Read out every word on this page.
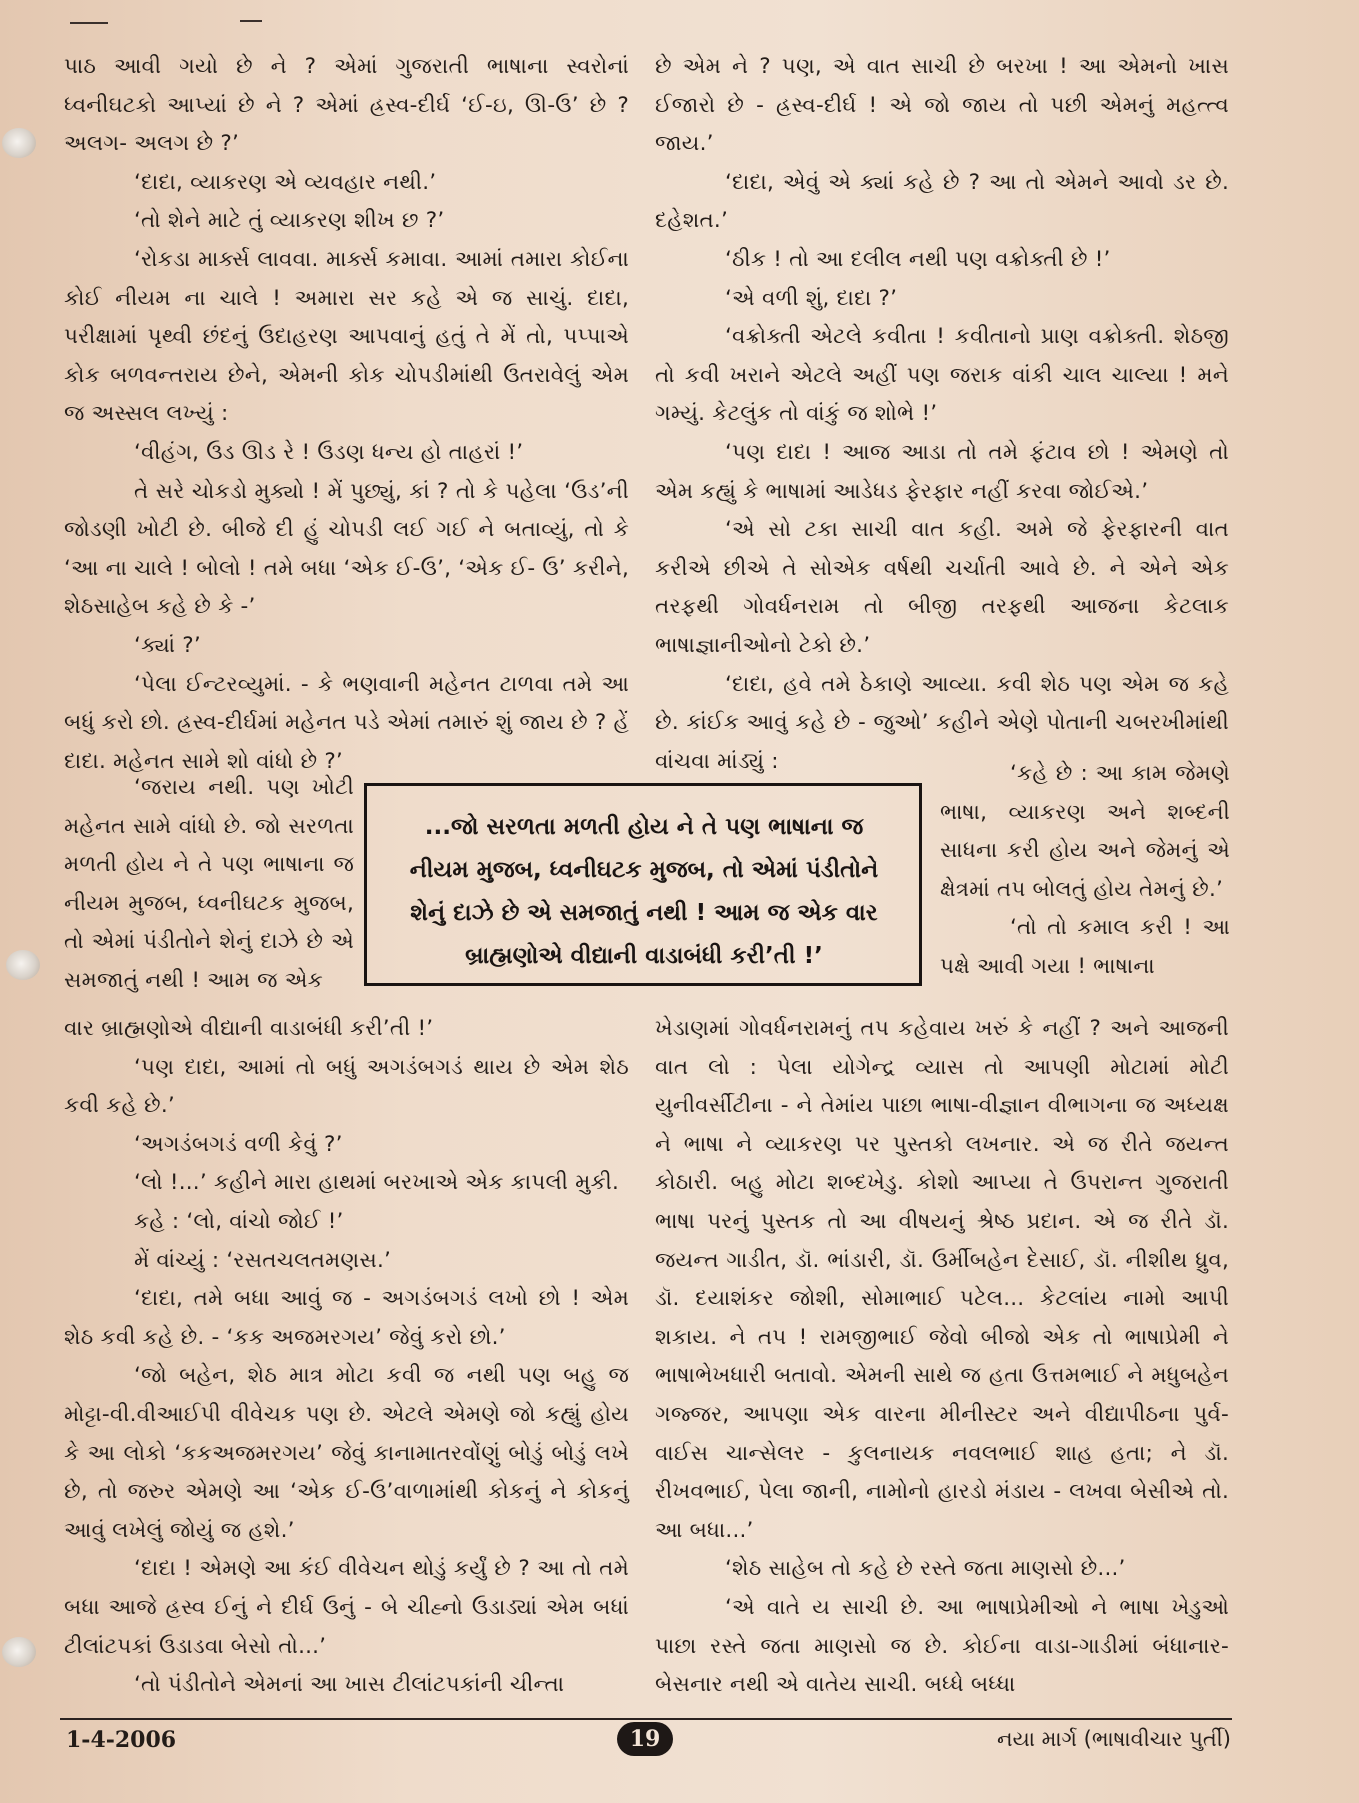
પાઠ આવી ગયો છે ને ? એમાં ગુજરાતી ભાષાના સ્વરોનાં ધ્વનીઘટકો આપ્યાં છે ને ? એમાં હ્રસ્વ-દીર્ઘ ‘ઈ-ઇ, ઊ-ઉ’ છે ? અલગ- અલગ છે ?’

‘દાદા, વ્યાકરણ એ વ્યવહાર નથી.’

‘તો શેને માટે તું વ્યાકરણ શીખ છ ?’

‘રોકડા માર્ક્સ લાવવા. માર્ક્સ કમાવા. આમાં તમારા કોઈના કોઈ નીયમ ના ચાલે ! અમારા સર કહે એ જ સાચું. દાદા, પરીક્ષામાં પૃથ્વી છંદનું ઉદાહરણ આપવાનું હતું તે મેં તો, પપ્પાએ કોક બળવન્તરાય છેને, એમની કોક ચોપડીમાંથી ઉતરાવેલું એમ જ અસ્સલ લખ્યું :

‘વીહંગ, ઉડ ઊડ રે ! ઉડણ ધન્ય હો તાહરાં !’

તે સરે ચોકડો મુક્યો ! મેં પુછ્યું, કાં ? તો કે પહેલા ‘ઉડ’ની જોડણી ખોટી છે. બીજે દી હું ચોપડી લઈ ગઈ ને બતાવ્યું, તો કે ‘આ ના ચાલે ! બોલો ! તમે બધા ‘એક ઈ-ઉ’, ‘એક ઈ- ઉ’ કરીને, શેઠસાહેબ કહે છે કે -’

‘ક્યાં ?’

‘પેલા ઈન્ટરવ્યુમાં. - કે ભણવાની મહેનત ટાળવા તમે આ બધું કરો છો. હ્રસ્વ-દીર્ઘમાં મહેનત પડે એમાં તમારું શું જાય છે ? હેં દાદા. મહેનત સામે શો વાંધો છે ?’

છે એમ ને ? પણ, એ વાત સાચી છે બરખા ! આ એમનો ખાસ ઈજારો છે - હ્રસ્વ-દીર્ઘ ! એ જો જાય તો પછી એમનું મહત્ત્વ જાય.’

‘દાદા, એવું એ ક્યાં કહે છે ? આ તો એમને આવો ડર છે. દહેશત.’

‘ઠીક ! તો આ દલીલ નથી પણ વક્રોક્તી છે !’

‘એ વળી શું, દાદા ?’

‘વક્રોક્તી એટલે કવીતા ! કવીતાનો પ્રાણ વક્રોક્તી. શેઠજી તો કવી ખરાને એટલે અહીં પણ જરાક વાંકી ચાલ ચાલ્યા ! મને ગમ્યું. કેટલુંક તો વાંકું જ શોભે !’

‘પણ દાદા ! આજ આડા તો તમે ફંટાવ છો ! એમણે તો એમ કહ્યું કે ભાષામાં આડેધડ ફેરફાર નહીં કરવા જોઈએ.’

‘એ સો ટકા સાચી વાત કહી. અમે જે ફેરફારની વાત કરીએ છીએ તે સોએક વર્ષથી ચર્ચાતી આવે છે. ને એને એક તરફથી ગોવર્ધનરામ તો બીજી તરફથી આજના કેટલાક ભાષાજ્ઞાનીઓનો ટેકો છે.’

‘દાદા, હવે તમે ઠેકાણે આવ્યા. કવી શેઠ પણ એમ જ કહે છે. કાંઈક આવું કહે છે - જુઓ’ કહીને એણે પોતાની ચબરખીમાંથી વાંચવા માંડ્યું :

‘જરાય નથી. પણ ખોટી મહેનત સામે વાંધો છે. જો સરળતા મળતી હોય ને તે પણ ભાષાના જ નીયમ મુજબ, ધ્વનીઘટક મુજબ, તો એમાં પંડીતોને શેનું દાઝે છે એ સમજાતું નથી ! આમ જ એક

...જો સરળતા મળતી હોય ને તે પણ ભાષાના જ નીયમ મુજબ, ધ્વનીઘટક મુજબ, તો એમાં પંડીતોને શેનું દાઝે છે એ સમજાતું નથી ! આમ જ એક વાર બ્રાહ્મણોએ વીદ્યાની વાડાબંધી કરી’તી !’

‘કહે છે : આ કામ જેમણે ભાષા, વ્યાકરણ અને શબ્દની સાધના કરી હોય અને જેમનું એ ક્ષેત્રમાં તપ બોલતું હોય તેમનું છે.’

‘તો તો કમાલ કરી ! આ પક્ષે આવી ગયા ! ભાષાના

વાર બ્રાહ્મણોએ વીદ્યાની વાડાબંધી કરી’તી !’

‘પણ દાદા, આમાં તો બધું અગડંબગડં થાય છે એમ શેઠ કવી કહે છે.’

‘અગડંબગડં વળી કેવું ?’

‘લો !...’ કહીને મારા હાથમાં બરખાએ એક કાપલી મુકી.

કહે : ‘લો, વાંચો જોઈ !’

મેં વાંચ્યું : ‘રસતચલતમણસ.’

‘દાદા, તમે બધા આવું જ - અગડંબગડં લખો છો ! એમ શેઠ કવી કહે છે. - ‘કક અજમરગય’ જેવું કરો છો.’

‘જો બહેન, શેઠ માત્ર મોટા કવી જ નથી પણ બહુ જ મોટ્ટા-વી.વીઆઈપી વીવેચક પણ છે. એટલે એમણે જો કહ્યું હોય કે આ લોકો ‘કકઅજમરગય’ જેવું કાનામાતરવોંણું બોડું બોડું લખે છે, તો જરુર એમણે આ ‘એક ઈ-ઉ’વાળામાંથી કોકનું ને કોકનું આવું લખેલું જોયું જ હશે.’

‘દાદા ! એમણે આ કંઈ વીવેચન થોડું કર્યું છે ? આ તો તમે બધા આજે હ્રસ્વ ઈનું ને દીર્ઘ ઉનું - બે ચીહ્નો ઉડાડ્યાં એમ બધાં ટીલાંટપકાં ઉડાડવા બેસો તો...’

‘તો પંડીતોને એમનાં આ ખાસ ટીલાંટપકાંની ચીન્તા

ખેડાણમાં ગોવર્ધનરામનું તપ કહેવાય ખરું કે નહીં ? અને આજની વાત લો : પેલા યોગેન્દ્ર વ્યાસ તો આપણી મોટામાં મોટી યુનીવર્સીટીના - ને તેમાંય પાછા ભાષા-વીજ્ઞાન વીભાગના જ અધ્યક્ષ ને ભાષા ને વ્યાકરણ પર પુસ્તકો લખનાર. એ જ રીતે જયન્ત કોઠારી. બહુ મોટા શબ્દખેડુ. કોશો આપ્યા તે ઉપરાન્ત ગુજરાતી ભાષા પરનું પુસ્તક તો આ વીષયનું શ્રેષ્ઠ પ્રદાન. એ જ રીતે ડૉ. જયન્ત ગાડીત, ડૉ. ભાંડારી, ડૉ. ઉર્મીબહેન દેસાઈ, ડૉ. નીશીથ ધ્રુવ, ડૉ. દયાશંકર જોશી, સોમાભાઈ પટેલ... કેટલાંય નામો આપી શકાય. ને તપ ! રામજીભાઈ જેવો બીજો એક તો ભાષાપ્રેમી ને ભાષાભેખધારી બતાવો. એમની સાથે જ હતા ઉત્તમભાઈ ને મધુબહેન ગજ્જર, આપણા એક વારના મીનીસ્ટર અને વીદ્યાપીઠના પુર્વ-વાઈસ ચાન્સેલર - કુલનાયક નવલભાઈ શાહ હતા; ને ડૉ. રીખવભાઈ, પેલા જાની, નામોનો હારડો મંડાય - લખવા બેસીએ તો. આ બધા...’

‘શેઠ સાહેબ તો કહે છે રસ્તે જતા માણસો છે...’

‘એ વાતે ય સાચી છે. આ ભાષાપ્રેમીઓ ને ભાષા ખેડુઓ પાછા રસ્તે જતા માણસો જ છે. કોઈના વાડા-ગાડીમાં બંધાનાર-બેસનાર નથી એ વાતેય સાચી. બધ્ધે બધ્ધા

1-4-2006	19	નયા માર્ગ (ભાષાવીચાર પુર્તી)
